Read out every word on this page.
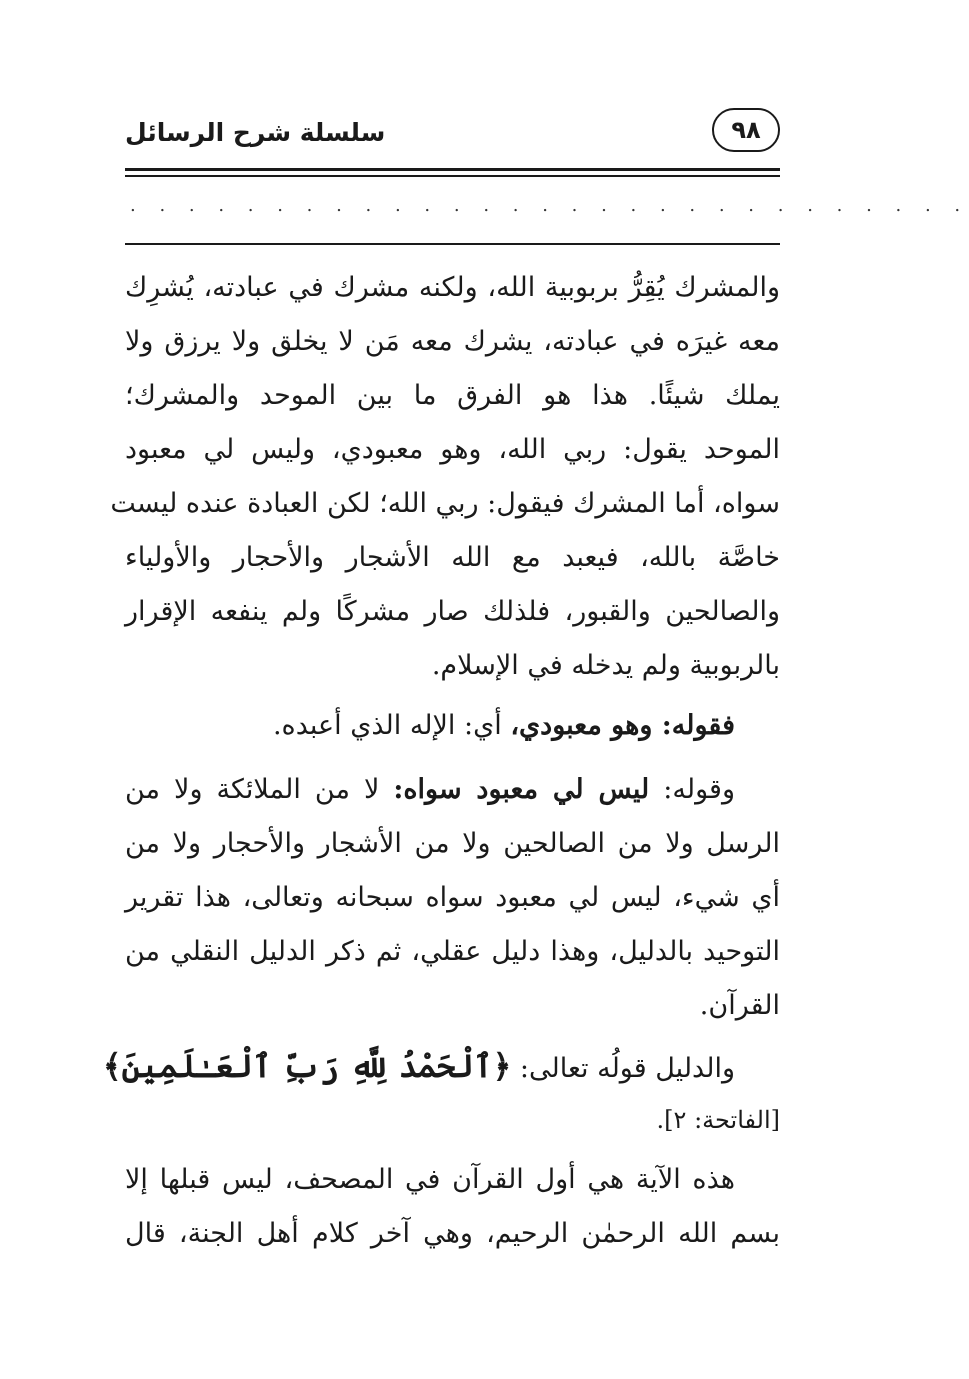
سلسلة شرح الرسائل	٩٨
. . . . . . . . . . . . . . . . . . . . . . . . . . . . .
والمشرك يُقِرُّ بربوبية الله، ولكنه مشرك في عبادته، يُشرِك
معه غيرَه في عبادته، يشرك معه مَن لا يخلق ولا يرزق ولا
يملك شيئًا. هذا هو الفرق ما بين الموحد والمشرك؛
الموحد يقول: ربي الله، وهو معبودي، وليس لي معبود
سواه، أما المشرك فيقول: ربي الله؛ لكن العبادة عنده ليست
خاصَّة بالله، فيعبد مع الله الأشجار والأحجار والأولياء
والصالحين والقبور، فلذلك صار مشركًا ولم ينفعه الإقرار
بالربوبية ولم يدخله في الإسلام.
فقوله: وهو معبودي، أي: الإله الذي أعبده.
وقوله: ليس لي معبود سواه: لا من الملائكة ولا من
الرسل ولا من الصالحين ولا من الأشجار والأحجار ولا من
أي شيء، ليس لي معبود سواه سبحانه وتعالى، هذا تقرير
التوحيد بالدليل، وهذا دليل عقلي، ثم ذكر الدليل النقلي من
القرآن.
والدليل قولُه تعالى: ﴿ٱلْحَمْدُ لِلَّهِ رَبِّ ٱلْعَـٰلَمِينَ﴾
[الفاتحة: ٢].
هذه الآية هي أول القرآن في المصحف، ليس قبلها إلا
بسم الله الرحمٰن الرحيم، وهي آخر كلام أهل الجنة، قال
